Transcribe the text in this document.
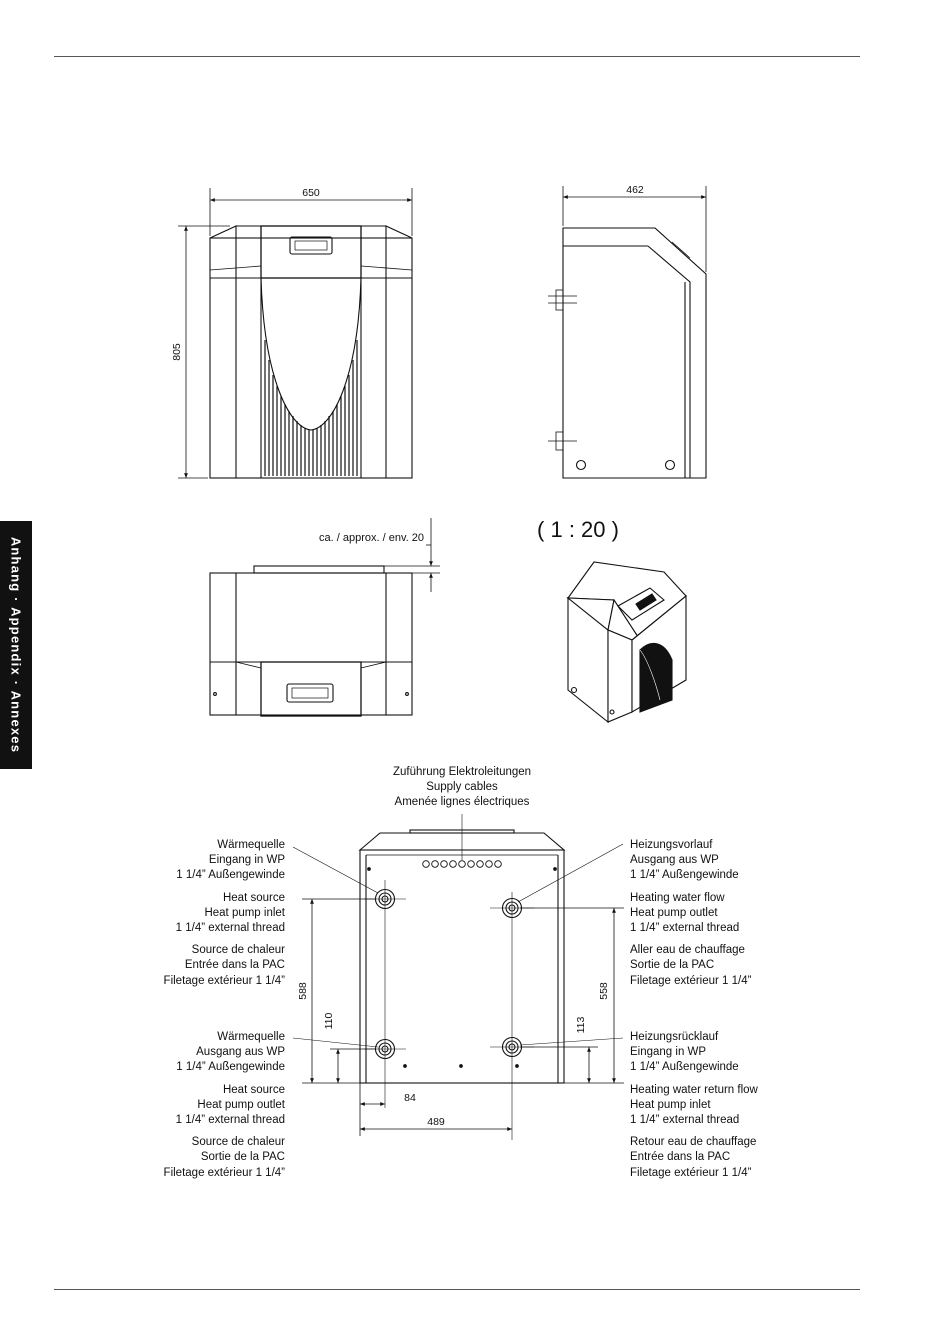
Anhang · Appendix · Annexes
650
805
462
ca. / approx. / env. 20	( 1 : 20 )
588
110
558
113
84
489
Zuführung Elektroleitungen
Supply cables
Amenée lignes électriques
Wärmequelle
Eingang in WP
1 1/4” Außengewinde
Heat source
Heat pump inlet
1 1/4” external thread
Source de chaleur
Entrée dans la PAC
Filetage extérieur 1 1/4”
Wärmequelle
Ausgang aus WP
1 1/4” Außengewinde
Heat source
Heat pump outlet
1 1/4” external thread
Source de chaleur
Sortie de la PAC
Filetage extérieur 1 1/4”
Heizungsvorlauf
Ausgang aus WP
1 1/4” Außengewinde
Heating water flow
Heat pump outlet
1 1/4” external thread
Aller eau de chauffage
Sortie de la PAC
Filetage extérieur 1 1/4”
Heizungsrücklauf
Eingang in WP
1 1/4” Außengewinde
Heating water return flow
Heat pump inlet
1 1/4” external thread
Retour eau de chauffage
Entrée dans la PAC
Filetage extérieur 1 1/4”
